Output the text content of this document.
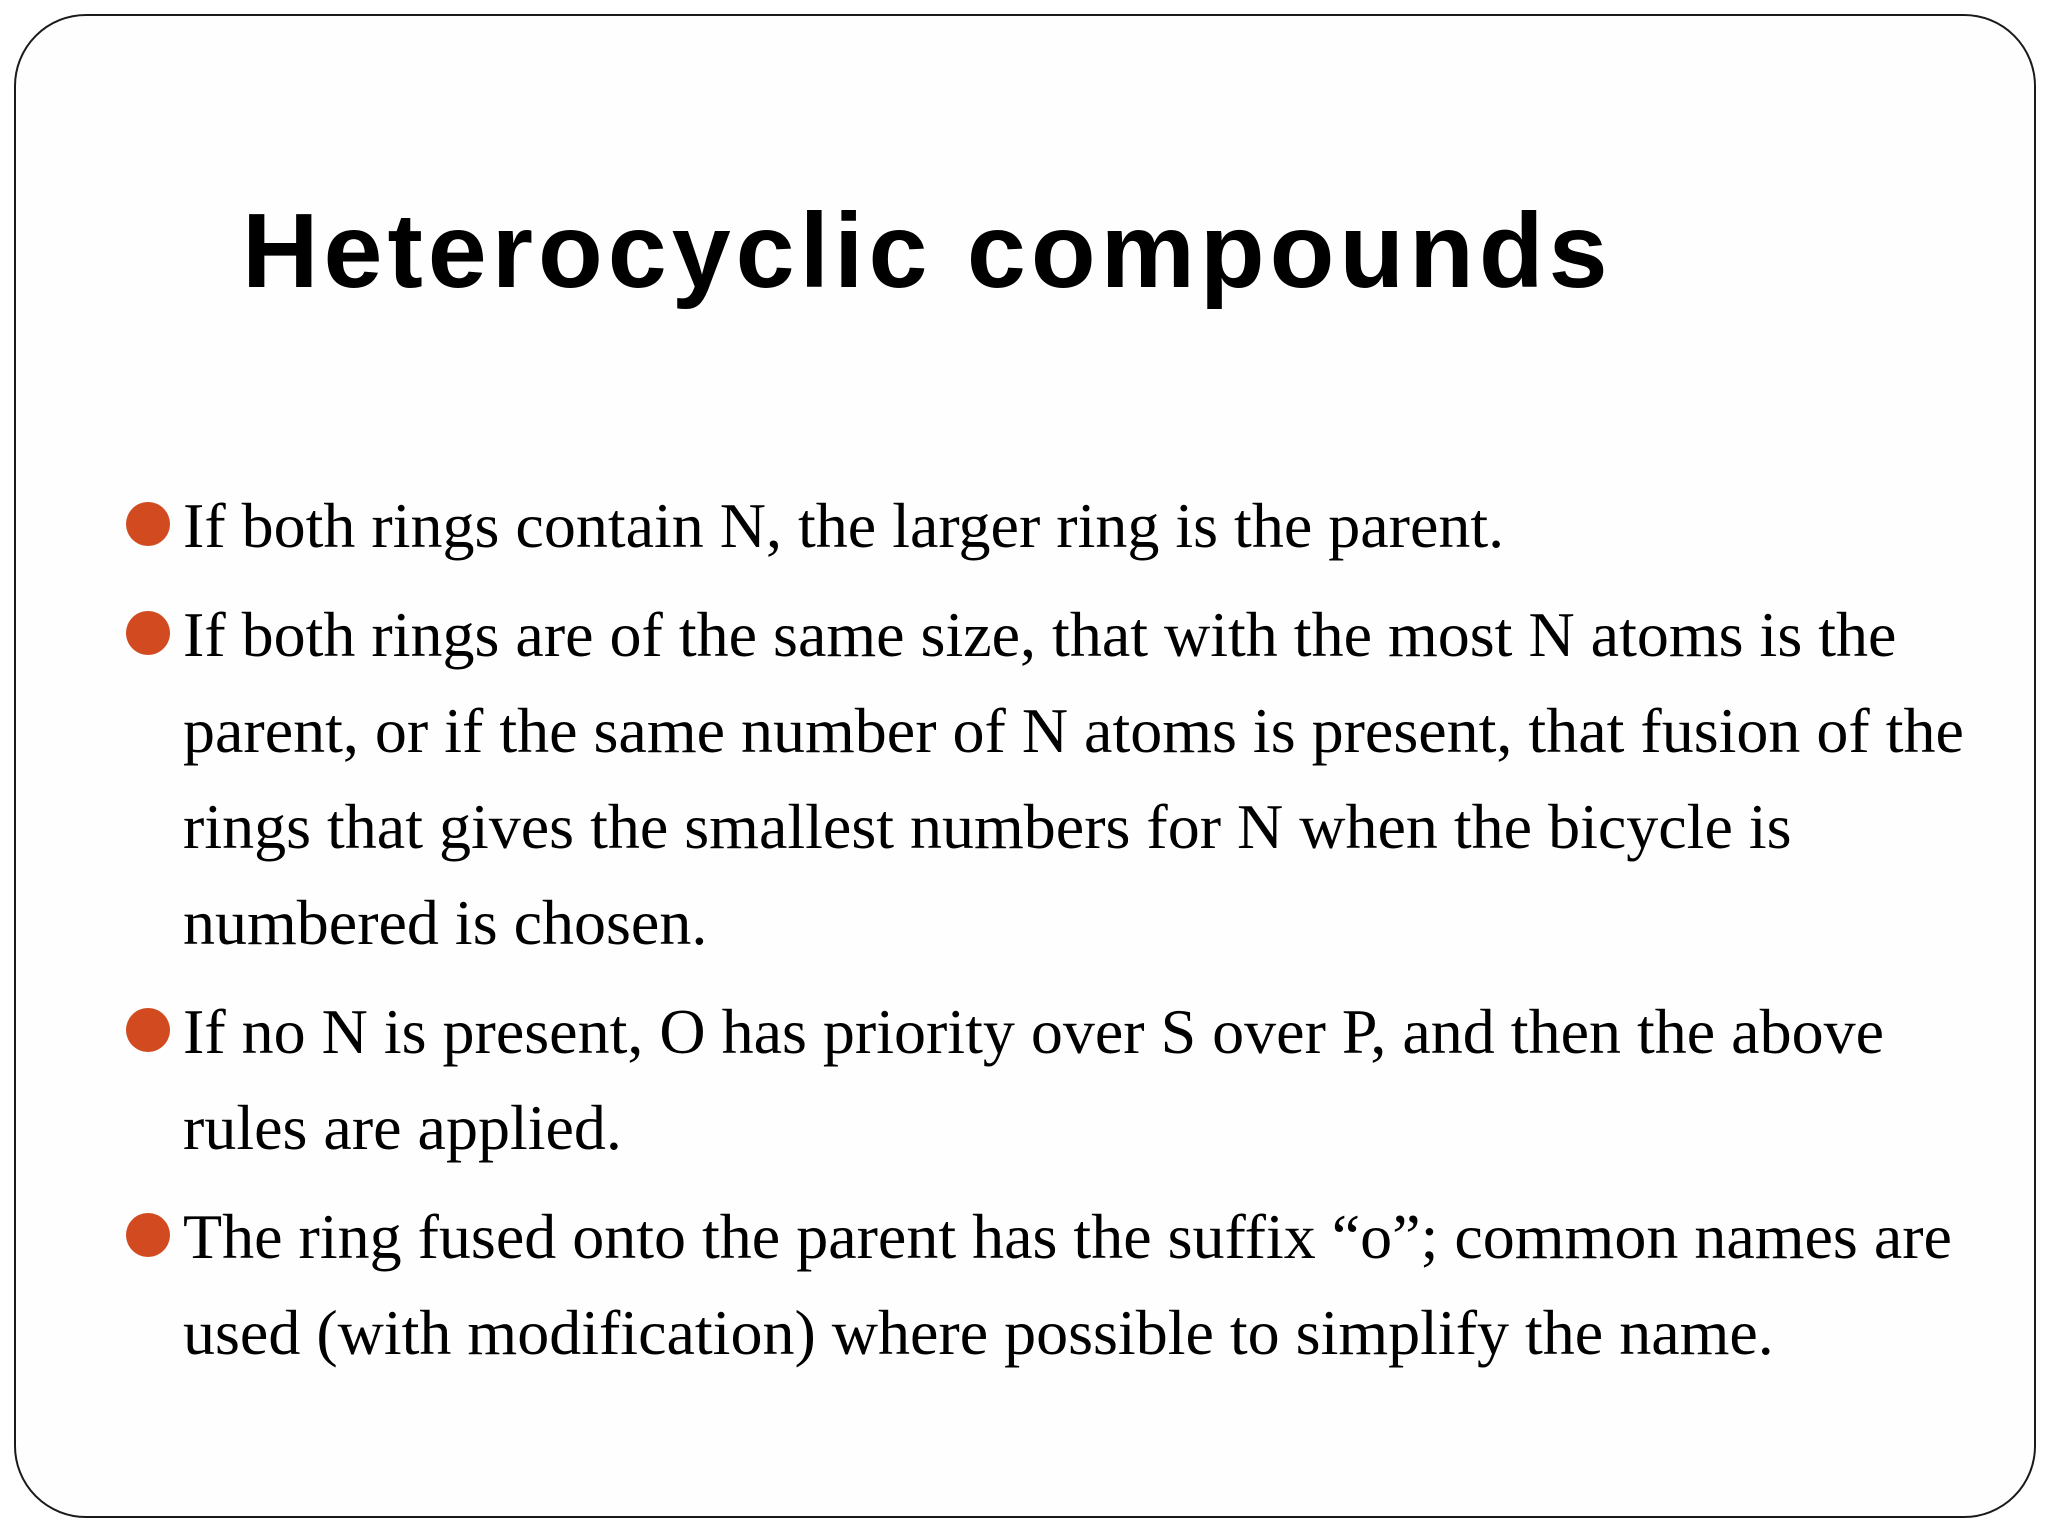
Heterocyclic compounds
If both rings contain N, the larger ring is the parent.
If both rings are of the same size, that with the most N atoms is the parent, or if the same number of N atoms is present, that fusion of the rings that gives the smallest numbers for N when the bicycle is numbered is chosen.
If no N is present, O has priority over S over P, and then the above rules are applied.
The ring fused onto the parent has the suffix “o”; common names are used (with modification) where possible to simplify the name.
